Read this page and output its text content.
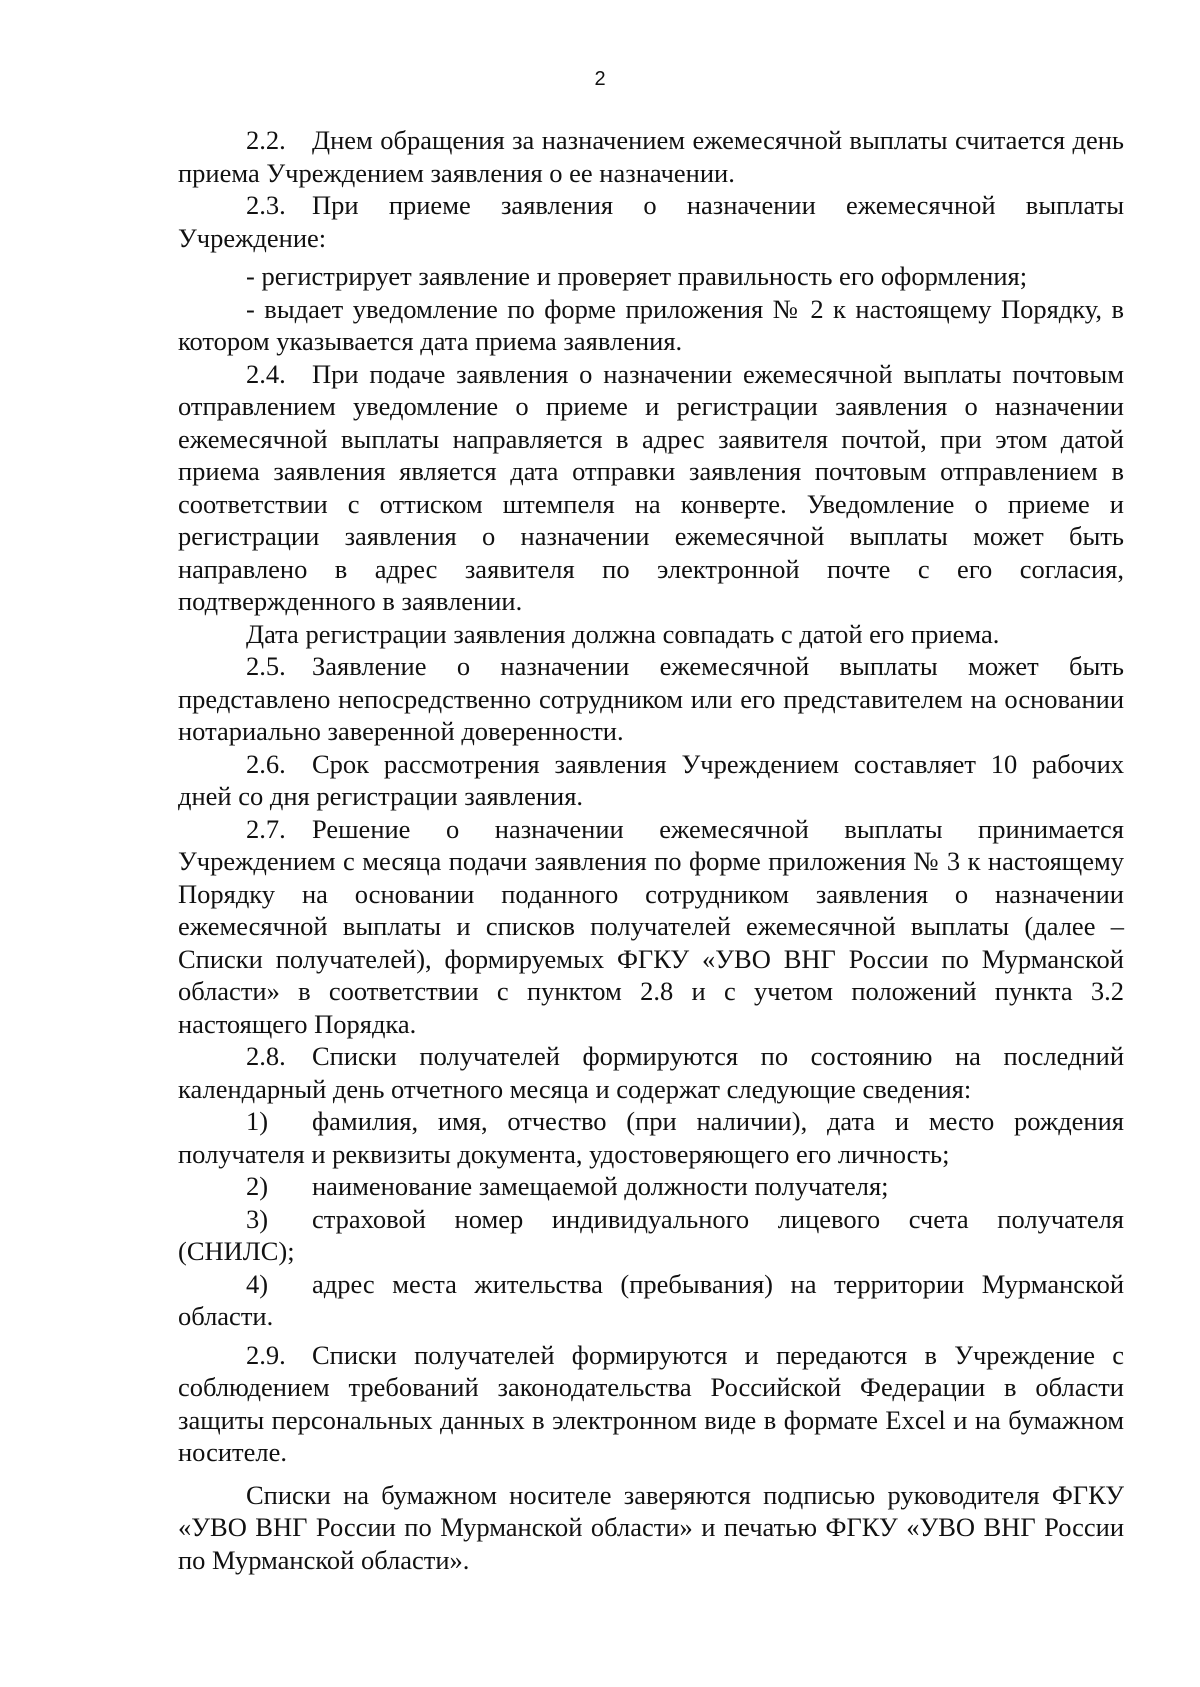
2

2.2. Днем обращения за назначением ежемесячной выплаты считается день приема Учреждением заявления о ее назначении.

2.3. При приеме заявления о назначении ежемесячной выплаты Учреждение:

- регистрирует заявление и проверяет правильность его оформления;

- выдает уведомление по форме приложения № 2 к настоящему Порядку, в котором указывается дата приема заявления.

2.4. При подаче заявления о назначении ежемесячной выплаты почтовым отправлением уведомление о приеме и регистрации заявления о назначении ежемесячной выплаты направляется в адрес заявителя почтой, при этом датой приема заявления является дата отправки заявления почтовым отправлением в соответствии с оттиском штемпеля на конверте. Уведомление о приеме и регистрации заявления о назначении ежемесячной выплаты может быть направлено в адрес заявителя по электронной почте с его согласия, подтвержденного в заявлении.

Дата регистрации заявления должна совпадать с датой его приема.

2.5. Заявление о назначении ежемесячной выплаты может быть представлено непосредственно сотрудником или его представителем на основании нотариально заверенной доверенности.

2.6. Срок рассмотрения заявления Учреждением составляет 10 рабочих дней со дня регистрации заявления.

2.7. Решение о назначении ежемесячной выплаты принимается Учреждением с месяца подачи заявления по форме приложения № 3 к настоящему Порядку на основании поданного сотрудником заявления о назначении ежемесячной выплаты и списков получателей ежемесячной выплаты (далее – Списки получателей), формируемых ФГКУ «УВО ВНГ России по Мурманской области» в соответствии с пунктом 2.8 и с учетом положений пункта 3.2 настоящего Порядка.

2.8. Списки получателей формируются по состоянию на последний календарный день отчетного месяца и содержат следующие сведения:

1) фамилия, имя, отчество (при наличии), дата и место рождения получателя и реквизиты документа, удостоверяющего его личность;

2) наименование замещаемой должности получателя;

3) страховой номер индивидуального лицевого счета получателя (СНИЛС);

4) адрес места жительства (пребывания) на территории Мурманской области.

2.9. Списки получателей формируются и передаются в Учреждение с соблюдением требований законодательства Российской Федерации в области защиты персональных данных в электронном виде в формате Excel и на бумажном носителе.

Списки на бумажном носителе заверяются подписью руководителя ФГКУ «УВО ВНГ России по Мурманской области» и печатью ФГКУ «УВО ВНГ России по Мурманской области».
